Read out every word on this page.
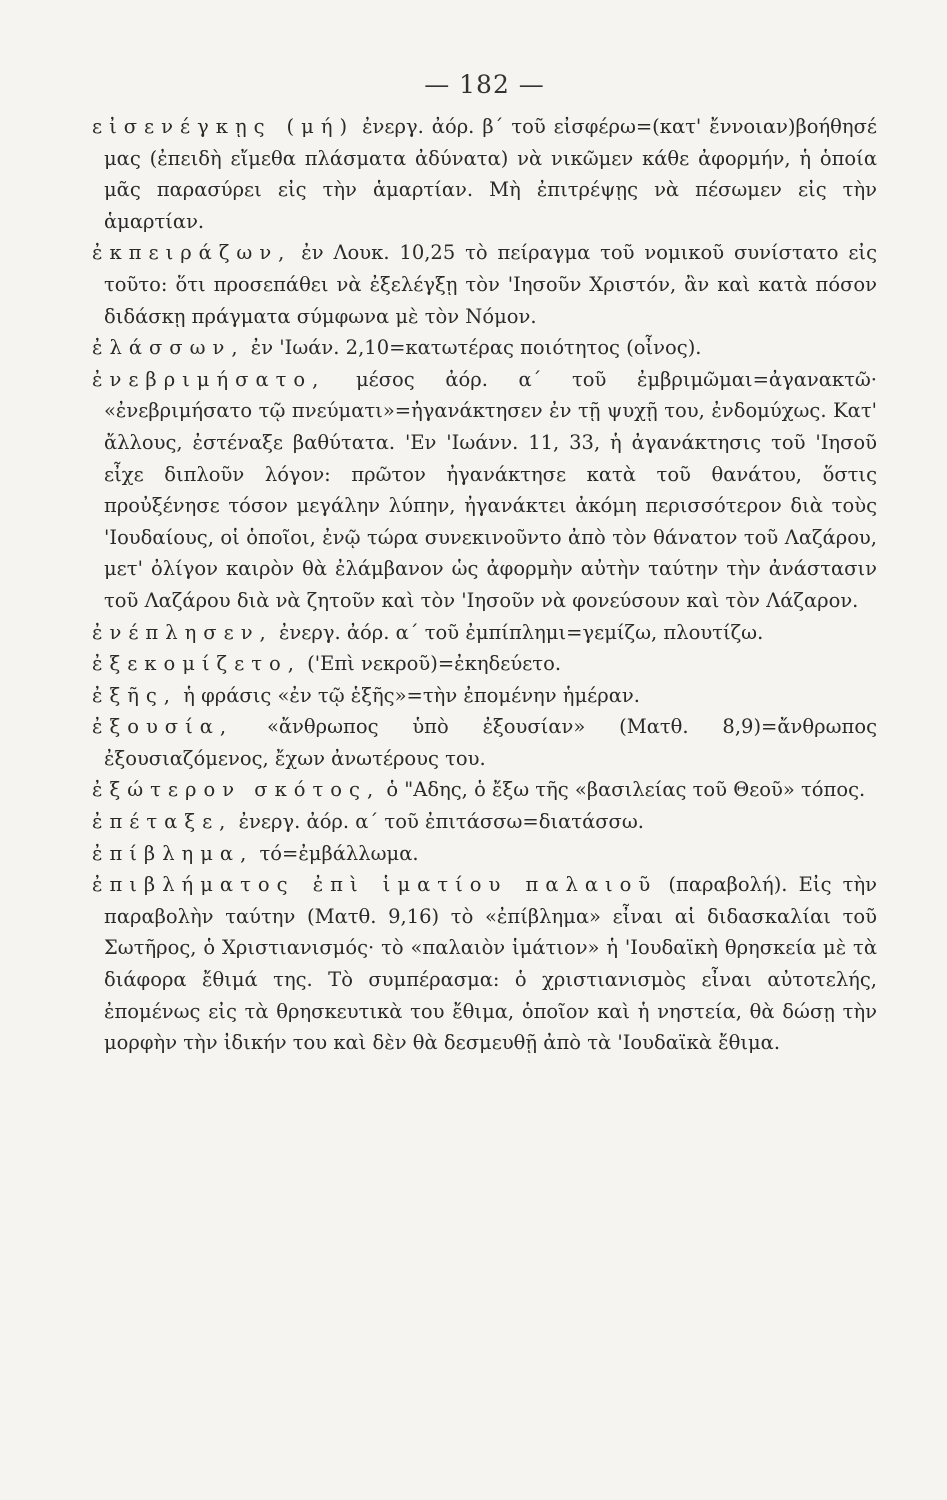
— 182 —

εἰσενέγκῃς (μή) ἐνεργ. ἀόρ. β΄ τοῦ εἰσφέρω=(κατ' ἔννοιαν)βοήθησέ μας (ἐπειδὴ εἴμεθα πλάσματα ἀδύνατα) νὰ νικῶμεν κάθε ἀφορμήν, ἡ ὁποία μᾶς παρασύρει εἰς τὴν ἁμαρτίαν. Μὴ ἐπιτρέψῃς νὰ πέσωμεν εἰς τὴν ἁμαρτίαν.

ἐκπειράζων, ἐν Λουκ. 10,25 τὸ πείραγμα τοῦ νομικοῦ συνίστατο εἰς τοῦτο: ὅτι προσεπάθει νὰ ἐξελέγξῃ τὸν 'Ιησοῦν Χριστόν, ἂν καὶ κατὰ πόσον διδάσκῃ πράγματα σύμφωνα μὲ τὸν Νόμον.

ἐλάσσων, ἐν 'Ιωάν. 2,10=κατωτέρας ποιότητος (οἶνος).

ἐνεβριμήσατο, μέσος ἀόρ. α΄ τοῦ ἐμβριμῶμαι=ἀγανακτῶ· «ἐνεβριμήσατο τῷ πνεύματι»=ἠγανάκτησεν ἐν τῇ ψυχῇ του, ἐνδομύχως. Κατ' ἄλλους, ἐστέναξε βαθύτατα. 'Εν 'Ιωάνν. 11, 33, ἡ ἀγανάκτησις τοῦ 'Ιησοῦ εἶχε διπλοῦν λόγον: πρῶτον ἠγανάκτησε κατὰ τοῦ θανάτου, ὅστις προὐξένησε τόσον μεγάλην λύπην, ἠγανάκτει ἀκόμη περισσότερον διὰ τοὺς 'Ιουδαίους, οἱ ὁποῖοι, ἐνῷ τώρα συνεκινοῦντο ἀπὸ τὸν θάνατον τοῦ Λαζάρου, μετ' ὀλίγον καιρὸν θὰ ἐλάμβανον ὡς ἀφορμὴν αὐτὴν ταύτην τὴν ἀνάστασιν τοῦ Λαζάρου διὰ νὰ ζητοῦν καὶ τὸν 'Ιησοῦν νὰ φονεύσουν καὶ τὸν Λάζαρον.

ἐνέπλησεν, ἐνεργ. ἀόρ. α΄ τοῦ ἐμπίπλημι=γεμίζω, πλουτίζω.

ἐξεκομίζετο, ('Επὶ νεκροῦ)=ἐκηδεύετο.

ἐξῆς, ἡ φράσις «ἐν τῷ ἑξῆς»=τὴν ἐπομένην ἡμέραν.

ἐξουσία, «ἄνθρωπος ὑπὸ ἐξουσίαν» (Ματθ. 8,9)=ἄνθρωπος ἐξουσιαζόμενος, ἔχων ἀνωτέρους του.

ἐξώτερον σκότος, ὁ "Αδης, ὁ ἔξω τῆς «βασιλείας τοῦ Θεοῦ» τόπος.

ἐπέταξε, ἐνεργ. ἀόρ. α΄ τοῦ ἐπιτάσσω=διατάσσω.

ἐπίβλημα, τό=ἐμβάλλωμα.

ἐπιβλήματος ἐπὶ ἱματίου παλαιοῦ (παραβολή). Εἰς τὴν παραβολὴν ταύτην (Ματθ. 9,16) τὸ «ἐπίβλημα» εἶναι αἱ διδασκαλίαι τοῦ Σωτῆρος, ὁ Χριστιανισμός· τὸ «παλαιὸν ἱμάτιον» ἡ 'Ιουδαϊκὴ θρησκεία μὲ τὰ διάφορα ἔθιμά της. Τὸ συμπέρασμα: ὁ χριστιανισμὸς εἶναι αὐτοτελής, ἐπομένως εἰς τὰ θρησκευτικὰ του ἔθιμα, ὁποῖον καὶ ἡ νηστεία, θὰ δώσῃ τὴν μορφὴν τὴν ἰδικήν του καὶ δὲν θὰ δεσμευθῇ ἀπὸ τὰ 'Ιουδαϊκὰ ἔθιμα.
